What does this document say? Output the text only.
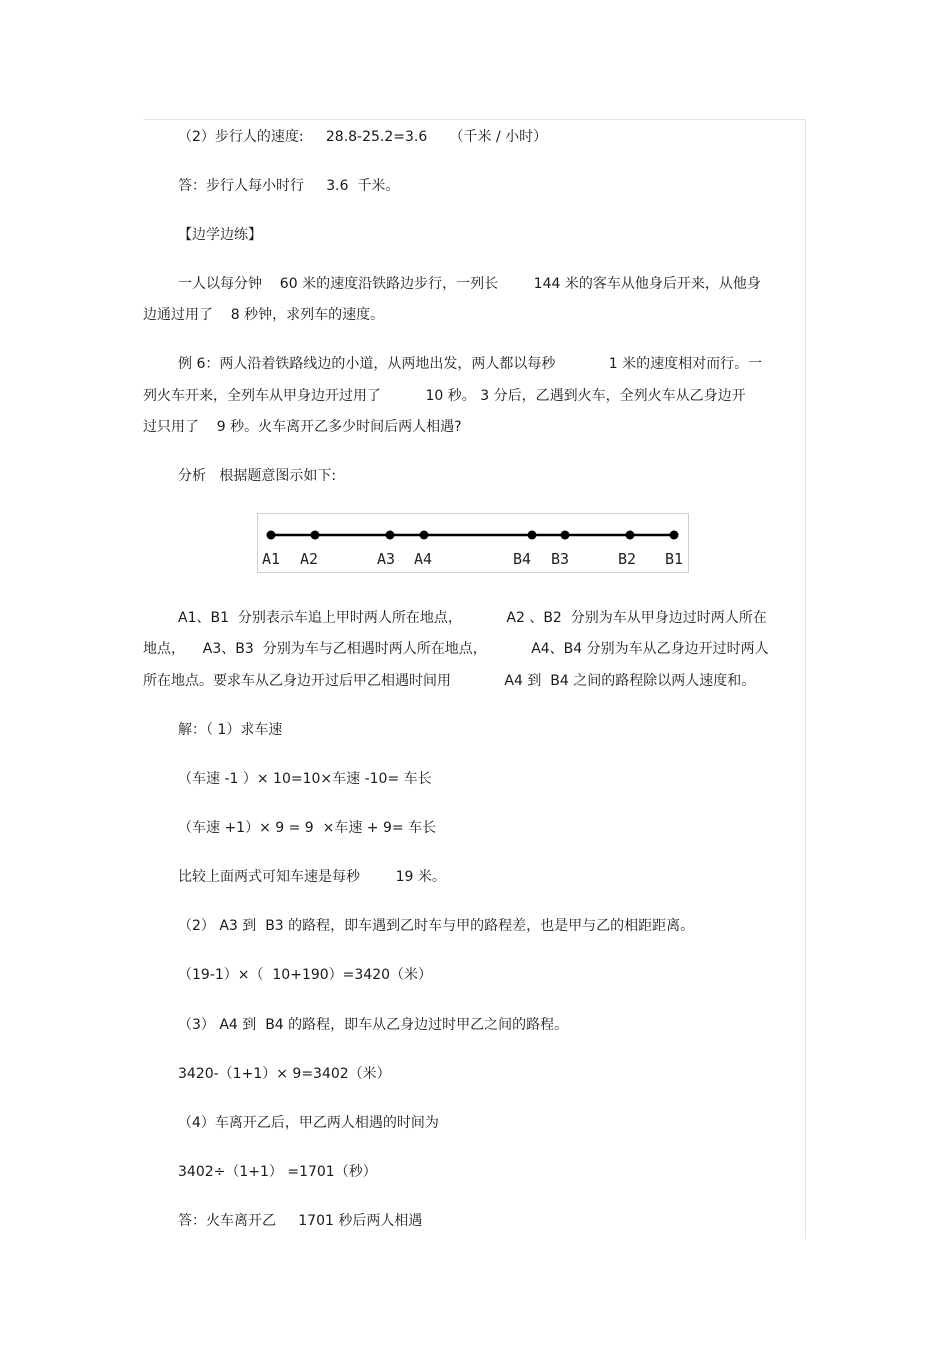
（2）步行人的速度:     28.8-25.2=3.6     （千米 / 小时）

答：步行人每小时行     3.6  千米。

【边学边练】

一人以每分钟    60 米的速度沿铁路边步行，一列长        144 米的客车从他身后开来，从他身

边通过用了    8 秒钟，求列车的速度。

例 6：两人沿着铁路线边的小道，从两地出发，两人都以每秒            1 米的速度相对而行。一

列火车开来，全列车从甲身边开过用了          10 秒。 3 分后，乙遇到火车，全列火车从乙身边开

过只用了    9 秒。火车离开乙多少时间后两人相遇?

分析   根据题意图示如下:

A1 A2	A3 A4	B4 B3	B2 B1

A1、B1  分别表示车追上甲时两人所在地点，          A2 、B2  分别为车从甲身边过时两人所在

地点，    A3、B3  分别为车与乙相遇时两人所在地点，          A4、B4 分别为车从乙身边开过时两人

所在地点。要求车从乙身边开过后甲乙相遇时间用            A4 到  B4 之间的路程除以两人速度和。

解：（ 1）求车速

（车速 -1 ）× 10=10×车速 -10= 车长

（车速 +1）× 9 = 9  ×车速 + 9= 车长

比较上面两式可知车速是每秒        19 米。

（2） A3 到  B3 的路程，即车遇到乙时车与甲的路程差，也是甲与乙的相距距离。

（19-1）×（  10+190）=3420（米）

（3） A4 到  B4 的路程，即车从乙身边过时甲乙之间的路程。

3420-（1+1）× 9=3402（米）

（4）车离开乙后，甲乙两人相遇的时间为

3402÷（1+1） =1701（秒）

答：火车离开乙     1701 秒后两人相遇
